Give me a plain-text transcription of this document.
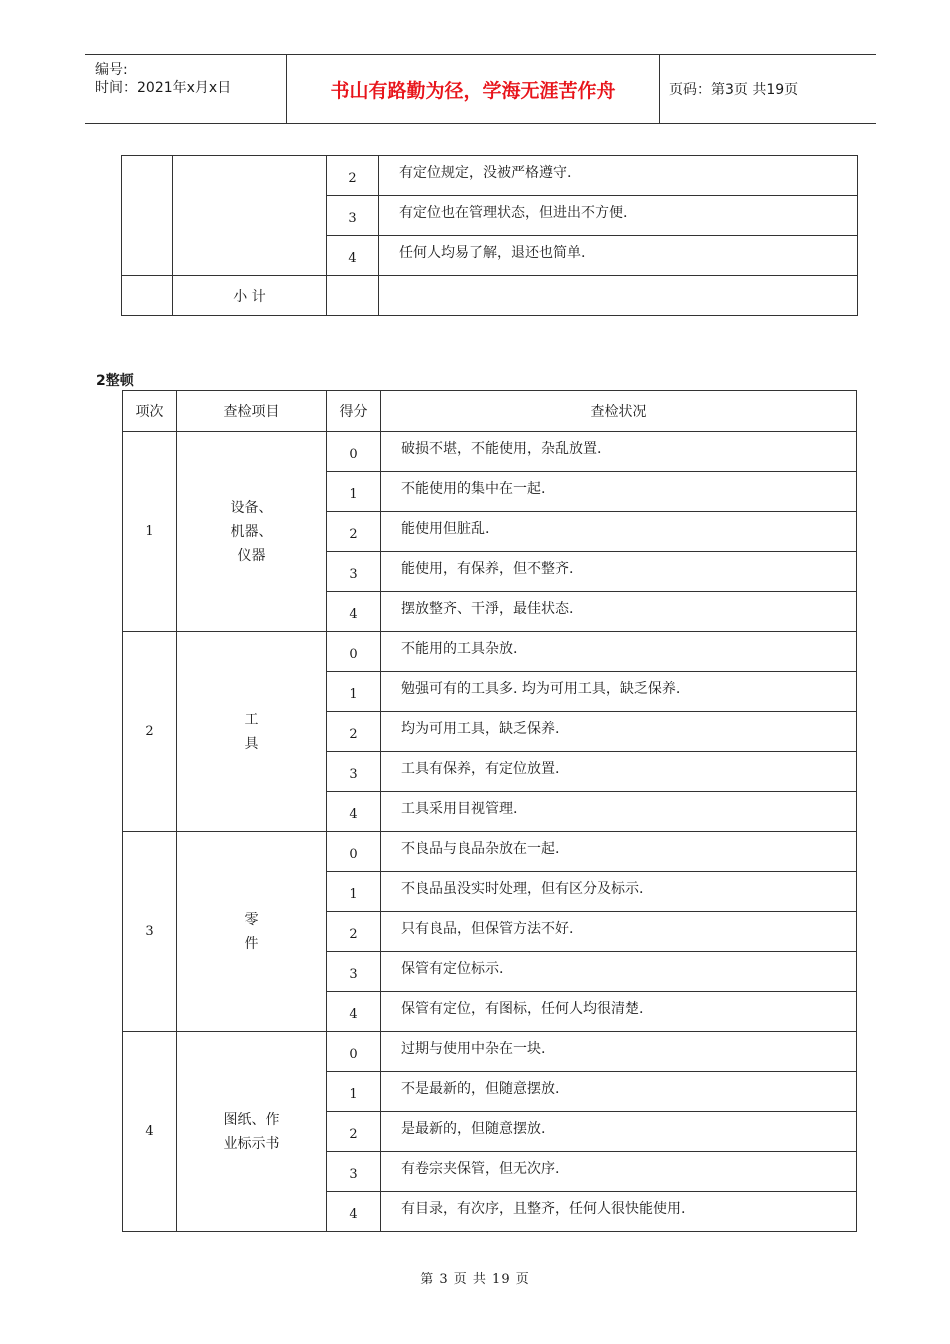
编号:
时间：2021年x月x日	书山有路勤为径，学海无涯苦作舟	页码：第3页 共19页
		2	有定位规定，没被严格遵守.
		3	有定位也在管理状态，但进出不方便.
		4	任何人均易了解，退还也简单.
	小 计		
2整顿
项次	查检项目	得分	查检状况
1	设备、
机器、
仪器	0	破损不堪，不能使用，杂乱放置.
		1	不能使用的集中在一起.
		2	能使用但脏乱.
		3	能使用，有保养，但不整齐.
		4	摆放整齐、干淨，最佳状态.
2	工
具	0	不能用的工具杂放.
		1	勉强可有的工具多. 均为可用工具，缺乏保养.
		2	均为可用工具，缺乏保养.
		3	工具有保养，有定位放置.
		4	工具采用目视管理.
3	零
件	0	不良品与良品杂放在一起.
		1	不良品虽没实时处理，但有区分及标示.
		2	只有良品，但保管方法不好.
		3	保管有定位标示.
		4	保管有定位，有图标，任何人均很清楚.
4	图纸、作
业标示书	0	过期与使用中杂在一块.
		1	不是最新的，但随意摆放.
		2	是最新的，但随意摆放.
		3	有卷宗夹保管，但无次序.
		4	有目录，有次序，且整齐，任何人很快能使用.
第 3 页 共 19 页
